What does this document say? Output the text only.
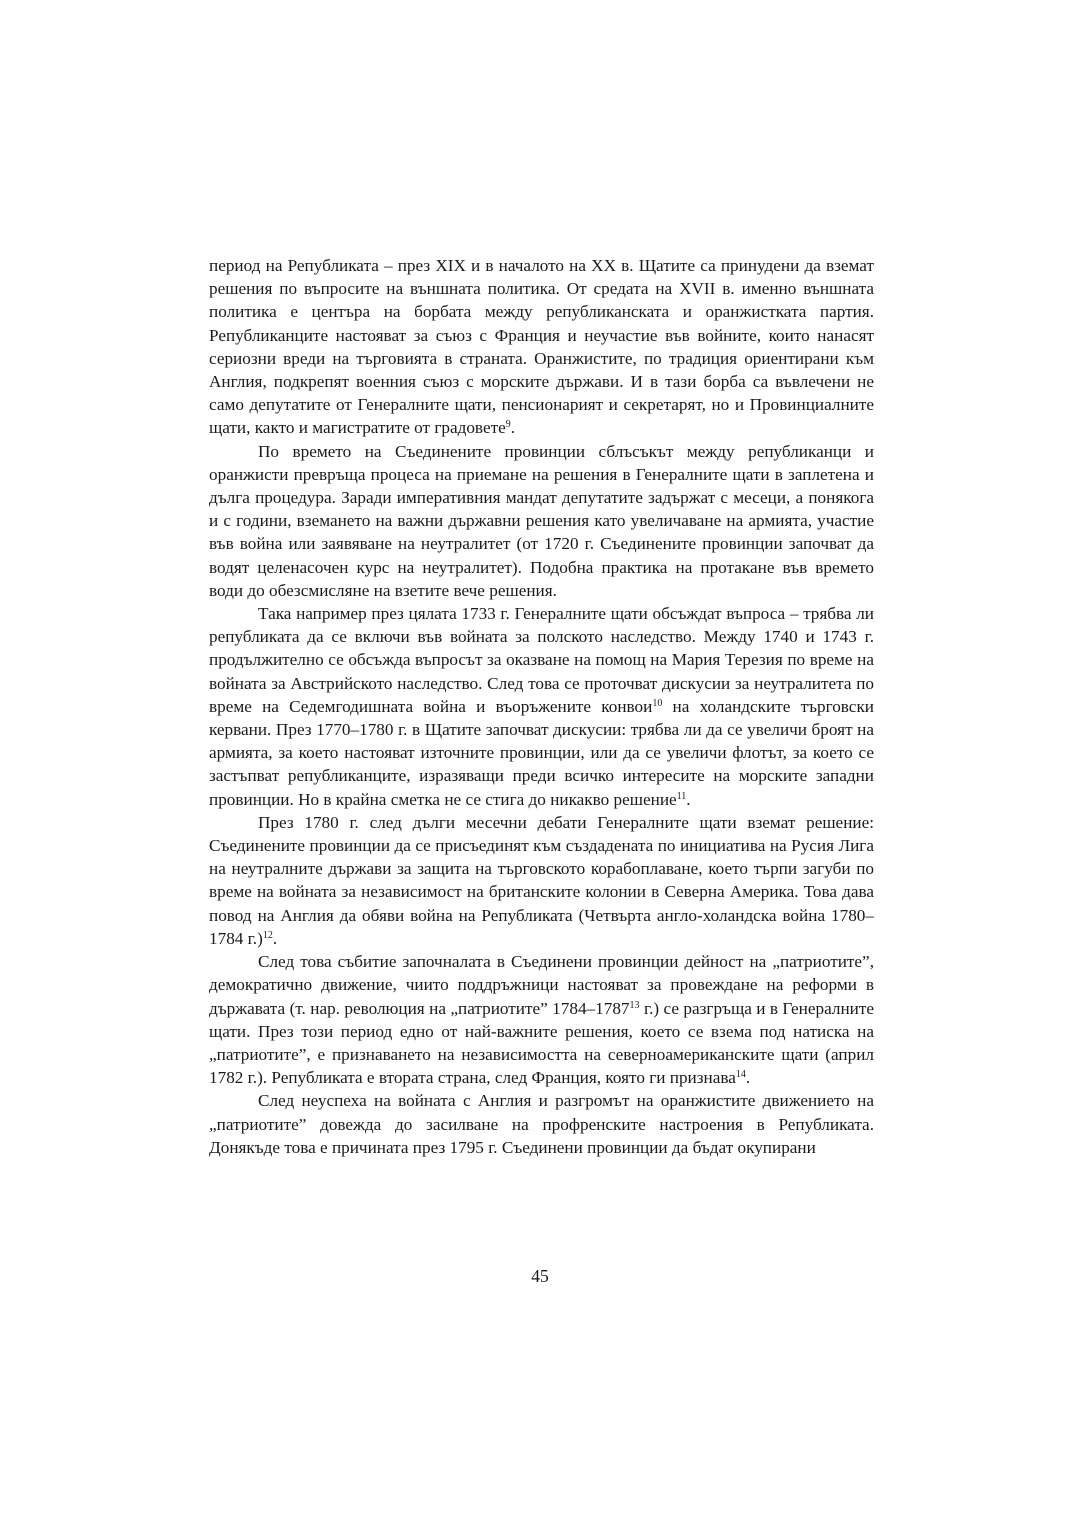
период на Републиката – през XIX и в началото на XX в. Щатите са принудени да вземат решения по въпросите на външната политика. От средата на XVII в. именно външната политика е центъра на борбата между републиканската и оранжистката партия. Републиканците настояват за съюз с Франция и неучастие във войните, които нанасят сериозни вреди на търговията в страната. Оранжистите, по традиция ориентирани към Англия, подкрепят военния съюз с морските държави. И в тази борба са въвлечени не само депутатите от Генералните щати, пенсионарият и секретарят, но и Провинциалните щати, както и магистратите от градовете$^9$.

По времето на Съединените провинции сблъсъкът между републиканци и оранжисти превръща процеса на приемане на решения в Генералните щати в заплетена и дълга процедура. Заради императивния мандат депутатите задържат с месеци, а понякога и с години, вземането на важни държавни решения като увеличаване на армията, участие във война или заявяване на неутралитет (от 1720 г. Съединените провинции започват да водят целенасочен курс на неутралитет). Подобна практика на протакане във времето води до обезсмисляне на взетите вече решения.

Така например през цялата 1733 г. Генералните щати обсъждат въпроса – трябва ли републиката да се включи във войната за полското наследство. Между 1740 и 1743 г. продължително се обсъжда въпросът за оказване на помощ на Мария Терезия по време на войната за Австрийското наследство. След това се проточват дискусии за неутралитета по време на Седемгодишната война и въоръжените конвои$^{10}$ на холандските търговски кервани. През 1770–1780 г. в Щатите започват дискусии: трябва ли да се увеличи броят на армията, за което настояват източните провинции, или да се увеличи флотът, за което се застъпват републиканците, изразяващи преди всичко интересите на морските западни провинции. Но в крайна сметка не се стига до никакво решение$^{11}$.

През 1780 г. след дълги месечни дебати Генералните щати вземат решение: Съединените провинции да се присъединят към създадената по инициатива на Русия Лига на неутралните държави за защита на търговското корабоплаване, което търпи загуби по време на войната за независимост на британските колонии в Северна Америка. Това дава повод на Англия да обяви война на Републиката (Четвърта англо-холандска война 1780–1784 г.)$^{12}$.

След това събитие започналата в Съединени провинции дейност на „патриотите”, демократично движение, чиито поддръжници настояват за провеждане на реформи в държавата (т. нар. революция на „патриотите” 1784–1787$^{13}$ г.) се разгръща и в Генералните щати. През този период едно от най-важните решения, което се взема под натиска на „патриотите”, е признаването на независимостта на северноамериканските щати (април 1782 г.). Републиката е втората страна, след Франция, която ги признава$^{14}$.

След неуспеха на войната с Англия и разгромът на оранжистите движението на „патриотите” довежда до засилване на профренските настроения в Републиката. Донякъде това е причината през 1795 г. Съединени провинции да бъдат окупирани

45
